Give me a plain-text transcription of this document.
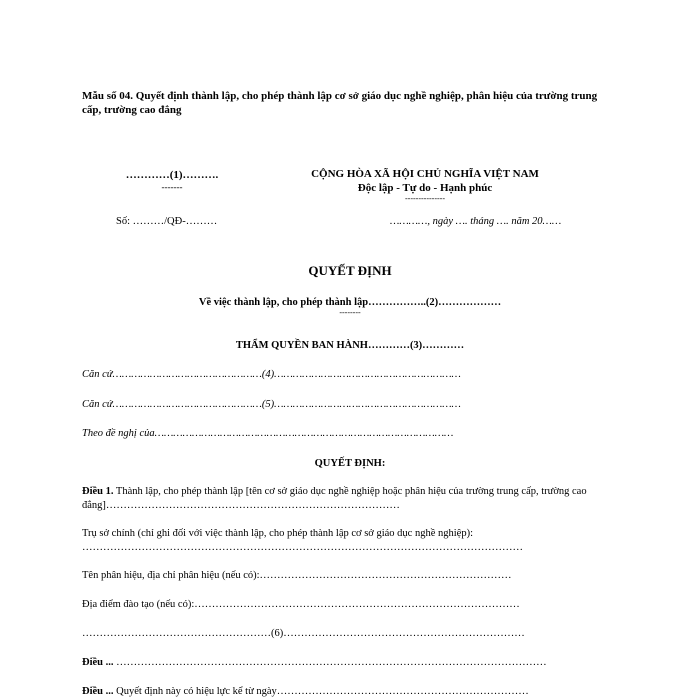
Mẫu số 04. Quyết định thành lập, cho phép thành lập cơ sở giáo dục nghề nghiệp, phân hiệu của trường trung cấp, trường cao đẳng
…………(1)……….
-------
CỘNG HÒA XÃ HỘI CHỦ NGHĨA VIỆT NAM
Độc lập - Tự do - Hạnh phúc
---------------
Số: ………/QĐ-………	…………, ngày …. tháng …. năm 20……
QUYẾT ĐỊNH
Về việc thành lập, cho phép thành lập……………..(2)………………
--------
THẨM QUYỀN BAN HÀNH…………(3)…………
Căn cứ…………………………………………(4)……………………………………………………
Căn cứ…………………………………………(5)……………………………………………………
Theo đề nghị của……………………………………………………………………………………
QUYẾT ĐỊNH:
Điều 1. Thành lập, cho phép thành lập [tên cơ sở giáo dục nghề nghiệp hoặc phân hiệu của trường trung cấp, trường cao đẳng]…………………………………………………………………………
Trụ sở chính (chỉ ghi đối với việc thành lập, cho phép thành lập cơ sở giáo dục nghề nghiệp):
………………………………………………………………………………………………………………
Tên phân hiệu, địa chỉ phân hiệu (nếu có):………………………………………………………………
Địa điểm đào tạo (nếu có):…………………………………………………………………………………
………………………………………………(6)……………………………………………………………
Điều ... ……………………………………………………………………………………………………………
Điều ... Quyết định này có hiệu lực kể từ ngày………………………………………………………………
